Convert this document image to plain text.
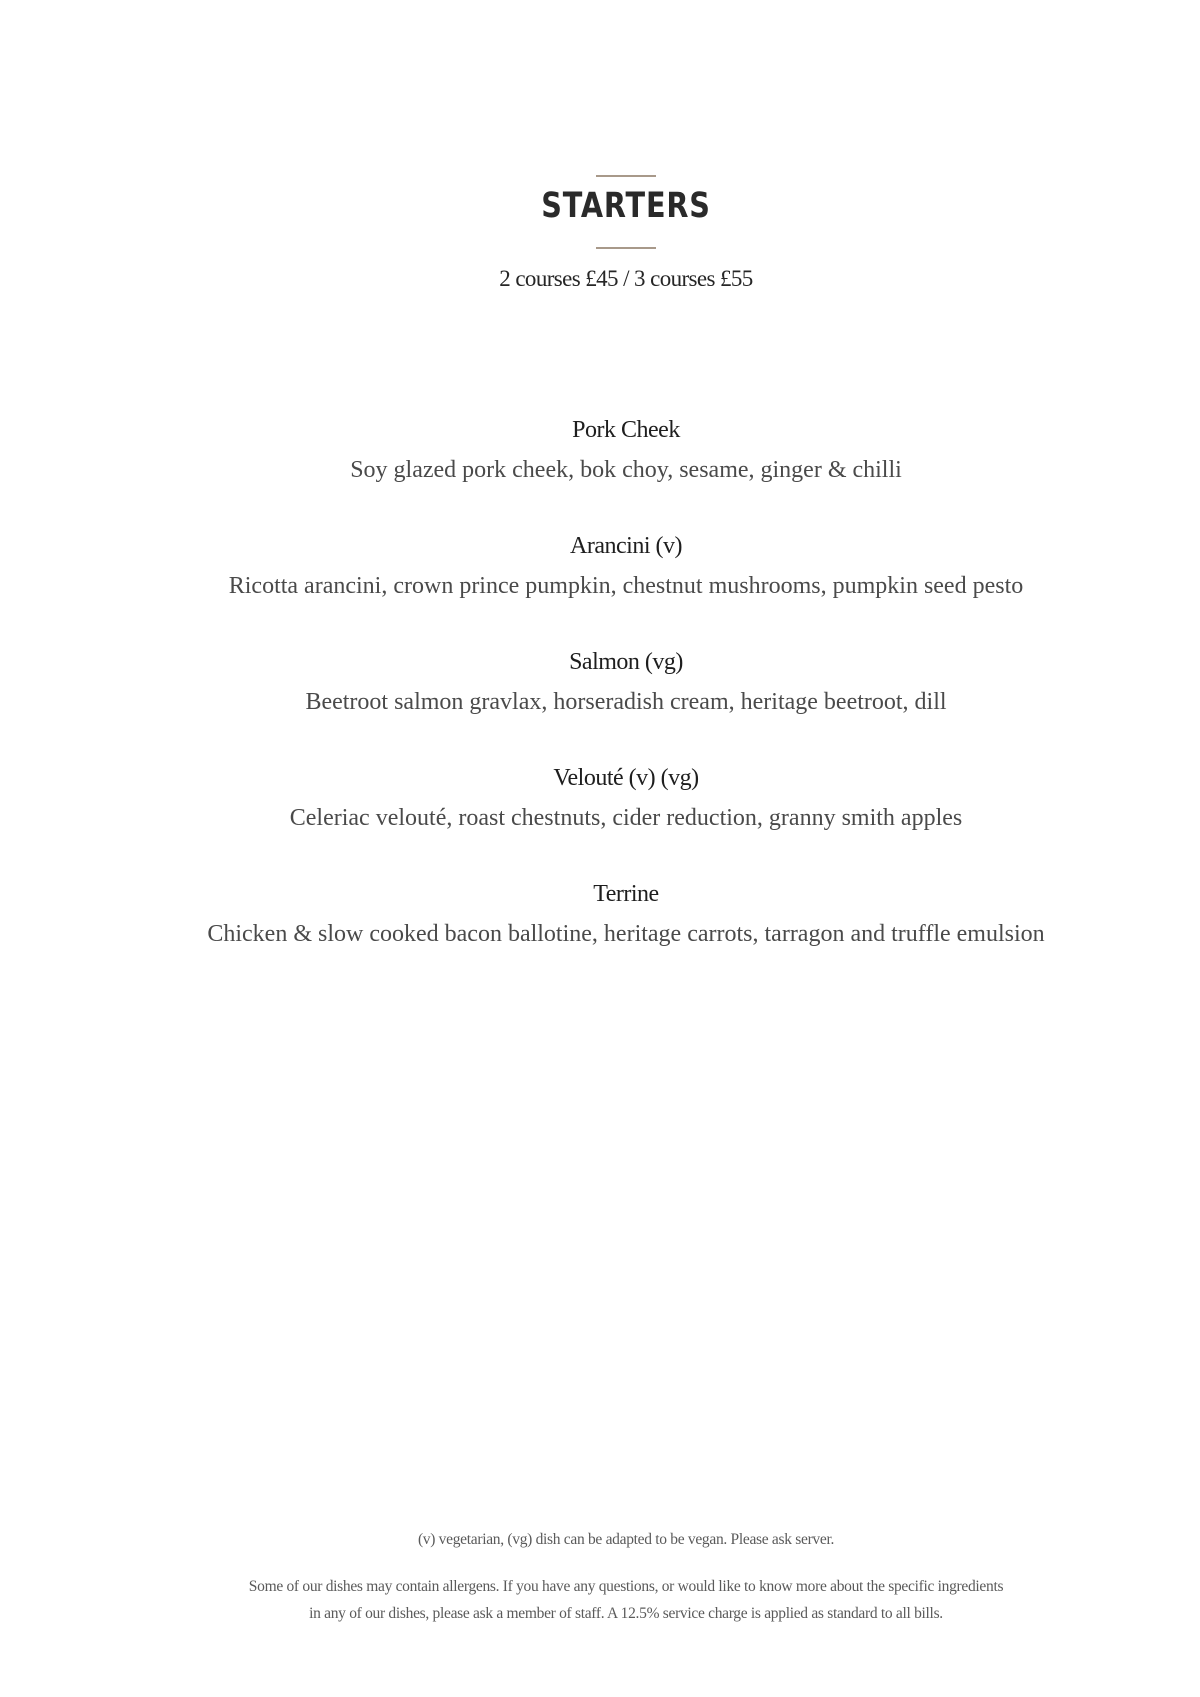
STARTERS
2 courses £45 / 3 courses £55
Pork Cheek
Soy glazed pork cheek, bok choy, sesame, ginger & chilli
Arancini (v)
Ricotta arancini, crown prince pumpkin, chestnut mushrooms, pumpkin seed pesto
Salmon (vg)
Beetroot salmon gravlax, horseradish cream, heritage beetroot, dill
Velouté (v) (vg)
Celeriac velouté, roast chestnuts, cider reduction, granny smith apples
Terrine
Chicken & slow cooked bacon ballotine, heritage carrots, tarragon and truffle emulsion
(v) vegetarian, (vg) dish can be adapted to be vegan. Please ask server.
Some of our dishes may contain allergens. If you have any questions, or would like to know more about the specific ingredients
in any of our dishes, please ask a member of staff. A 12.5% service charge is applied as standard to all bills.
